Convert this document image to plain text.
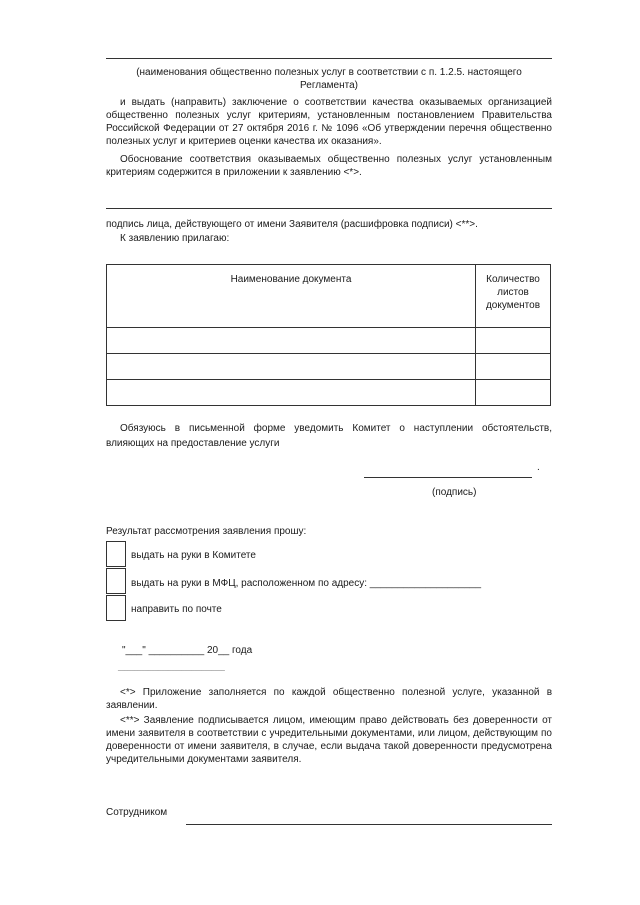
(наименования общественно полезных услуг в соответствии с п. 1.2.5. настоящего Регламента)
и выдать (направить) заключение о соответствии качества оказываемых организацией общественно полезных услуг критериям, установленным постановлением Правительства Российской Федерации от 27 октября 2016 г. № 1096 «Об утверждении перечня общественно полезных услуг и критериев оценки качества их оказания».
Обоснование соответствия оказываемых общественно полезных услуг установленным критериям содержится в приложении к заявлению <*>.
подпись лица, действующего от имени Заявителя (расшифровка подписи) <**>.
К заявлению прилагаю:
Наименование документа	Количество
листов
документов

Обязуюсь в письменной форме уведомить Комитет о наступлении обстоятельств, влияющих на предоставление услуги
.
(подпись)
Результат рассмотрения заявления прошу:
выдать на руки в Комитете
выдать на руки в МФЦ, расположенном по адресу: ____________________
направить по почте
"___" __________ 20__ года
________________________________
<*> Приложение заполняется по каждой общественно полезной услуге, указанной в заявлении.
<**> Заявление подписывается лицом, имеющим право действовать без доверенности от имени заявителя в соответствии с учредительными документами, или лицом, действующим по доверенности от имени заявителя, в случае, если выдача такой доверенности предусмотрена учредительными документами заявителя.
Сотрудником
